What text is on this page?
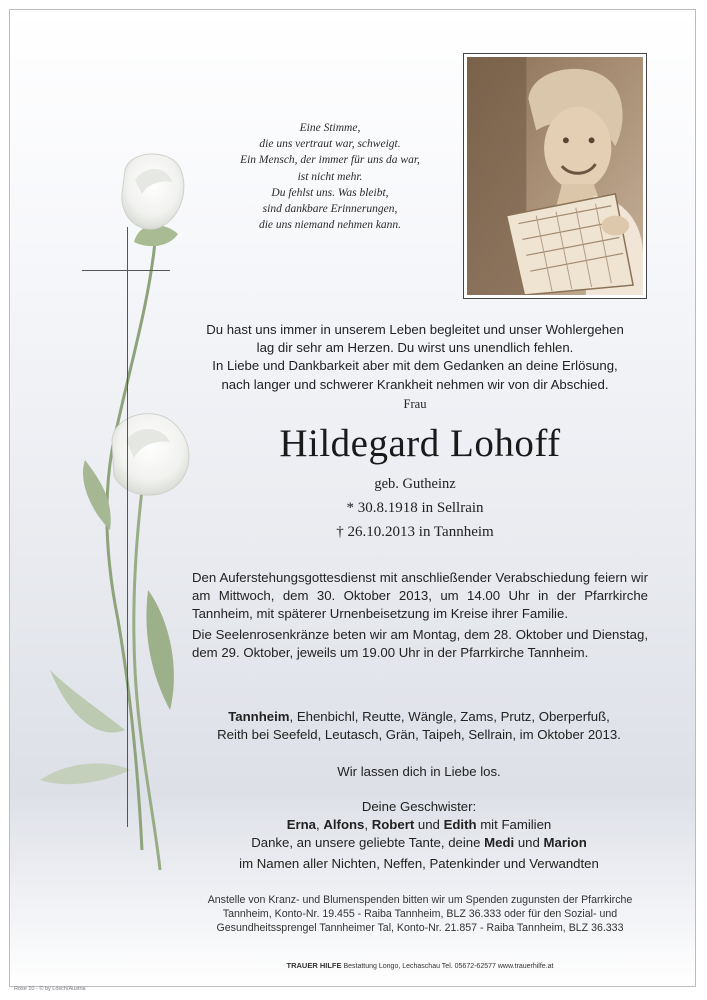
Eine Stimme,
die uns vertraut war, schweigt.
Ein Mensch, der immer für uns da war,
ist nicht mehr.
Du fehlst uns. Was bleibt,
sind dankbare Erinnerungen,
die uns niemand nehmen kann.
Du hast uns immer in unserem Leben begleitet und unser Wohlergehen
lag dir sehr am Herzen. Du wirst uns unendlich fehlen.
In Liebe und Dankbarkeit aber mit dem Gedanken an deine Erlösung,
nach langer und schwerer Krankheit nehmen wir von dir Abschied.
Frau
Hildegard Lohoff
geb. Gutheinz
* 30.8.1918 in Sellrain
† 26.10.2013 in Tannheim
Den Auferstehungsgottesdienst mit anschließender Verabschiedung feiern wir am Mittwoch, dem 30. Oktober 2013, um 14.00 Uhr in der Pfarrkirche Tannheim, mit späterer Urnenbeisetzung im Kreise ihrer Familie.
Die Seelenrosenkränze beten wir am Montag, dem 28. Oktober und Dienstag, dem 29. Oktober, jeweils um 19.00 Uhr in der Pfarrkirche Tannheim.
Tannheim, Ehenbichl, Reutte, Wängle, Zams, Prutz, Oberperfuß,
Reith bei Seefeld, Leutasch, Grän, Taipeh, Sellrain, im Oktober 2013.
Wir lassen dich in Liebe los.
Deine Geschwister:
Erna, Alfons, Robert und Edith mit Familien
Danke, an unsere geliebte Tante, deine Medi und Marion
im Namen aller Nichten, Neffen, Patenkinder und Verwandten
Anstelle von Kranz- und Blumenspenden bitten wir um Spenden zugunsten der Pfarrkirche
Tannheim, Konto-Nr. 19.455 - Raiba Tannheim, BLZ 36.333 oder für den Sozial- und
Gesundheitssprengel Tannheimer Tal, Konto-Nr. 21.857 - Raiba Tannheim, BLZ 36.333
TRAUER HILFE Bestattung Longo, Lechaschau Tel. 05672-62577 www.trauerhilfe.at
Rose 10 - © by Lösch/Austria
